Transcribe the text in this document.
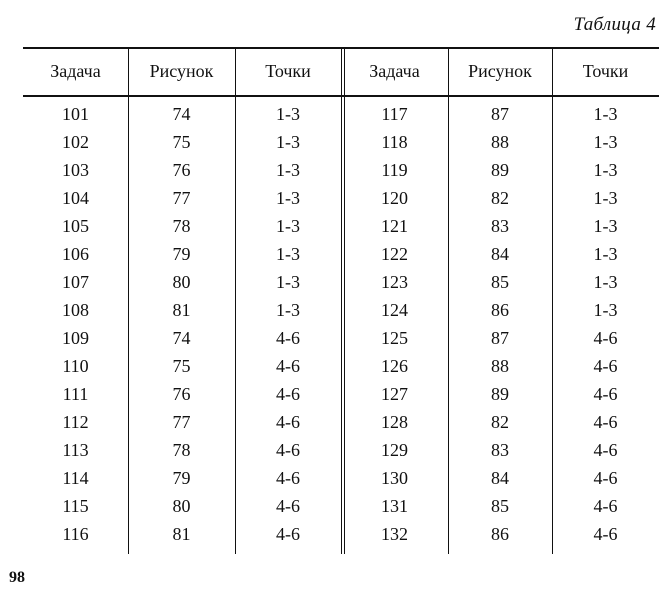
Таблица 4
Задача	Рисунок	Точки	Задача	Рисунок	Точки
101	74	1-3	117	87	1-3
102	75	1-3	118	88	1-3
103	76	1-3	119	89	1-3
104	77	1-3	120	82	1-3
105	78	1-3	121	83	1-3
106	79	1-3	122	84	1-3
107	80	1-3	123	85	1-3
108	81	1-3	124	86	1-3
109	74	4-6	125	87	4-6
110	75	4-6	126	88	4-6
111	76	4-6	127	89	4-6
112	77	4-6	128	82	4-6
113	78	4-6	129	83	4-6
114	79	4-6	130	84	4-6
115	80	4-6	131	85	4-6
116	81	4-6	132	86	4-6
98
